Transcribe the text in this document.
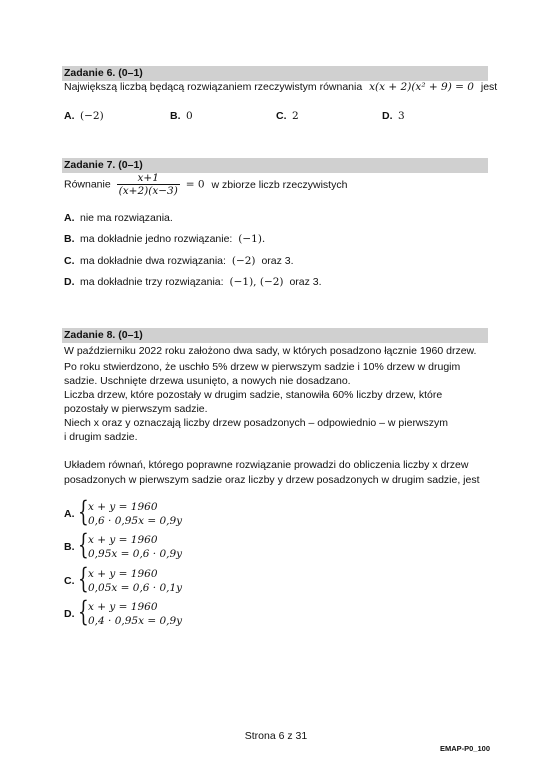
Zadanie 6. (0–1)
Największą liczbą będącą rozwiązaniem rzeczywistym równania x(x + 2)(x² + 9) = 0 jest
A. (−2)	B. 0	C. 2	D. 3
Zadanie 7. (0–1)
Równanie $\frac{x+1}{(x+2)(x-3)} = 0$ w zbiorze liczb rzeczywistych
A. nie ma rozwiązania.
B. ma dokładnie jedno rozwiązanie: (−1).
C. ma dokładnie dwa rozwiązania: (−2) oraz 3.
D. ma dokładnie trzy rozwiązania: (−1), (−2) oraz 3.
Zadanie 8. (0–1)
W październiku 2022 roku założono dwa sady, w których posadzono łącznie 1960 drzew.
Po roku stwierdzono, że uschło 5% drzew w pierwszym sadzie i 10% drzew w drugim
sadzie. Uschnięte drzewa usunięto, a nowych nie dosadzano.
Liczba drzew, które pozostały w drugim sadzie, stanowiła 60% liczby drzew, które
pozostały w pierwszym sadzie.
Niech x oraz y oznaczają liczby drzew posadzonych – odpowiednio – w pierwszym
i drugim sadzie.
Układem równań, którego poprawne rozwiązanie prowadzi do obliczenia liczby x drzew
posadzonych w pierwszym sadzie oraz liczby y drzew posadzonych w drugim sadzie, jest
A. { x + y = 1960
0,6 · 0,95x = 0,9y
B. { x + y = 1960
0,95x = 0,6 · 0,9y
C. { x + y = 1960
0,05x = 0,6 · 0,1y
D. { x + y = 1960
0,4 · 0,95x = 0,9y
Strona 6 z 31
EMAP-P0_100
